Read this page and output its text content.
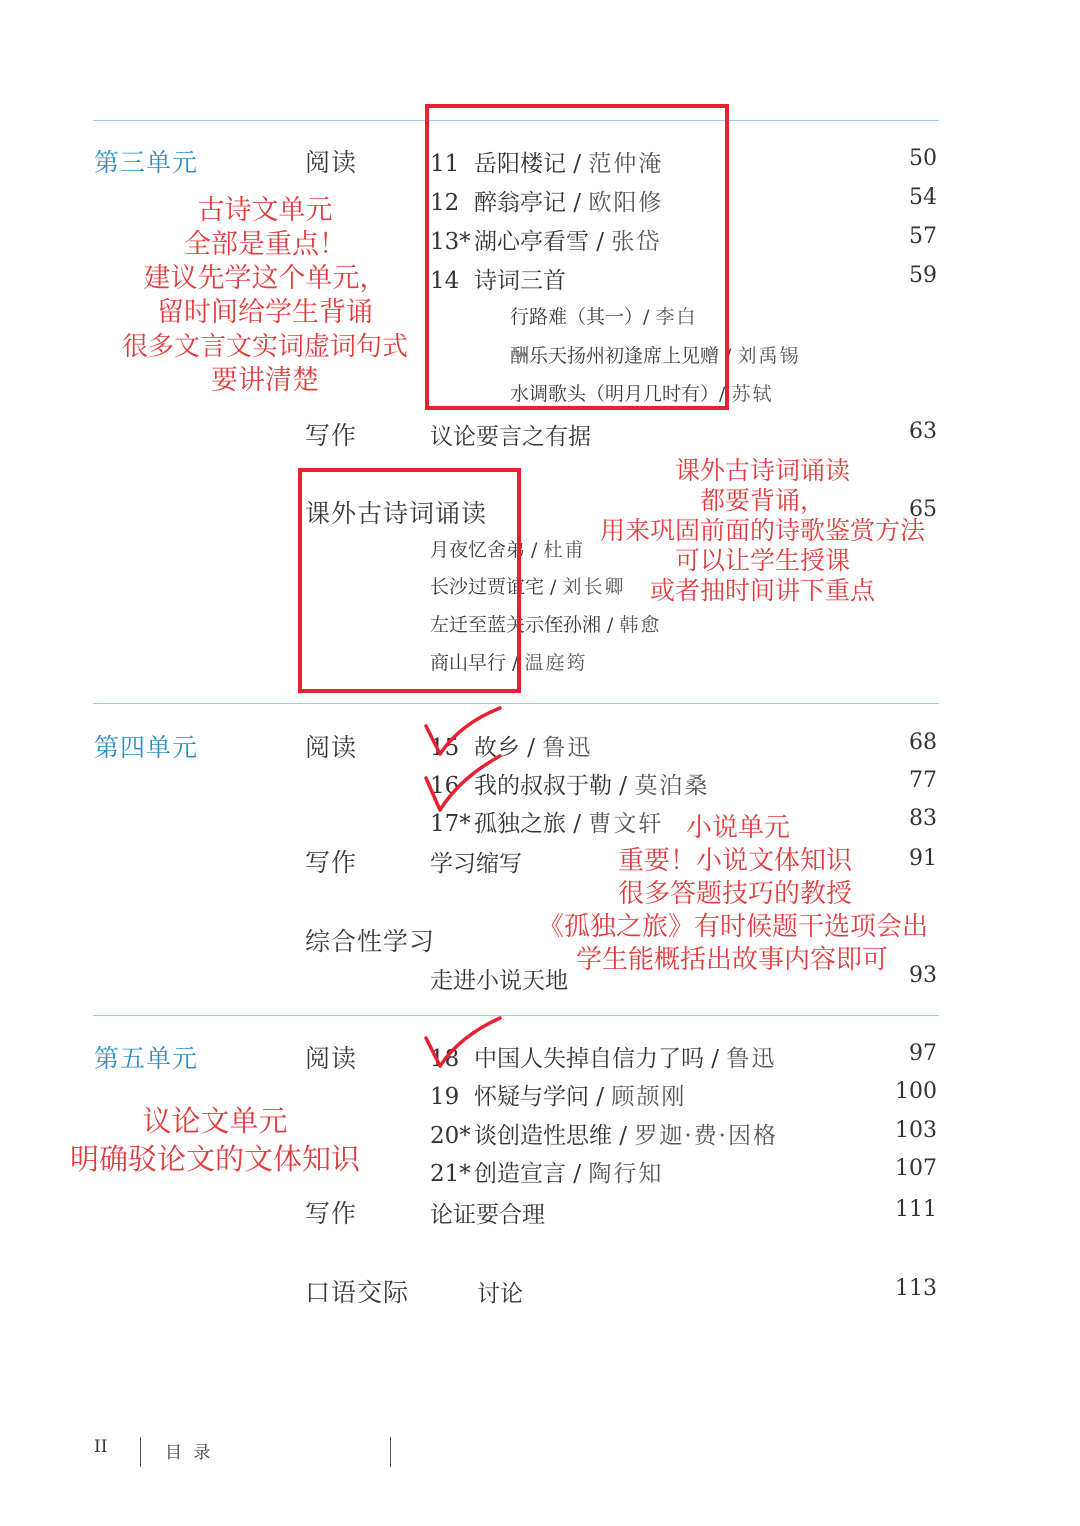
第三单元	阅读	11 岳阳楼记 / 范仲淹	50
12 醉翁亭记 / 欧阳修	54
13* 湖心亭看雪 / 张岱	57
14 诗词三首	59
行路难（其一）/ 李白
酬乐天扬州初逢席上见赠 / 刘禹锡
水调歌头（明月几时有）/ 苏轼
写作	议论要言之有据	63
课外古诗词诵读	65
月夜忆舍弟 / 杜甫
长沙过贾谊宅 / 刘长卿
左迁至蓝关示侄孙湘 / 韩愈
商山早行 / 温庭筠
第四单元	阅读	15 故乡 / 鲁迅	68
16 我的叔叔于勒 / 莫泊桑	77
17* 孤独之旅 / 曹文轩	83
写作	学习缩写	91
综合性学习
走进小说天地	93
第五单元	阅读	18 中国人失掉自信力了吗 / 鲁迅	97
19 怀疑与学问 / 顾颉刚	100
20* 谈创造性思维 / 罗迦·费·因格	103
21* 创造宣言 / 陶行知	107
写作	论证要合理	111
口语交际	讨论	113
II	目 录
古诗文单元
全部是重点！
建议先学这个单元，
留时间给学生背诵
很多文言文实词虚词句式
要讲清楚
课外古诗词诵读
都要背诵，
用来巩固前面的诗歌鉴赏方法
可以让学生授课
或者抽时间讲下重点
小说单元
重要！小说文体知识
很多答题技巧的教授
《孤独之旅》有时候题干选项会出
学生能概括出故事内容即可
议论文单元
明确驳论文的文体知识
